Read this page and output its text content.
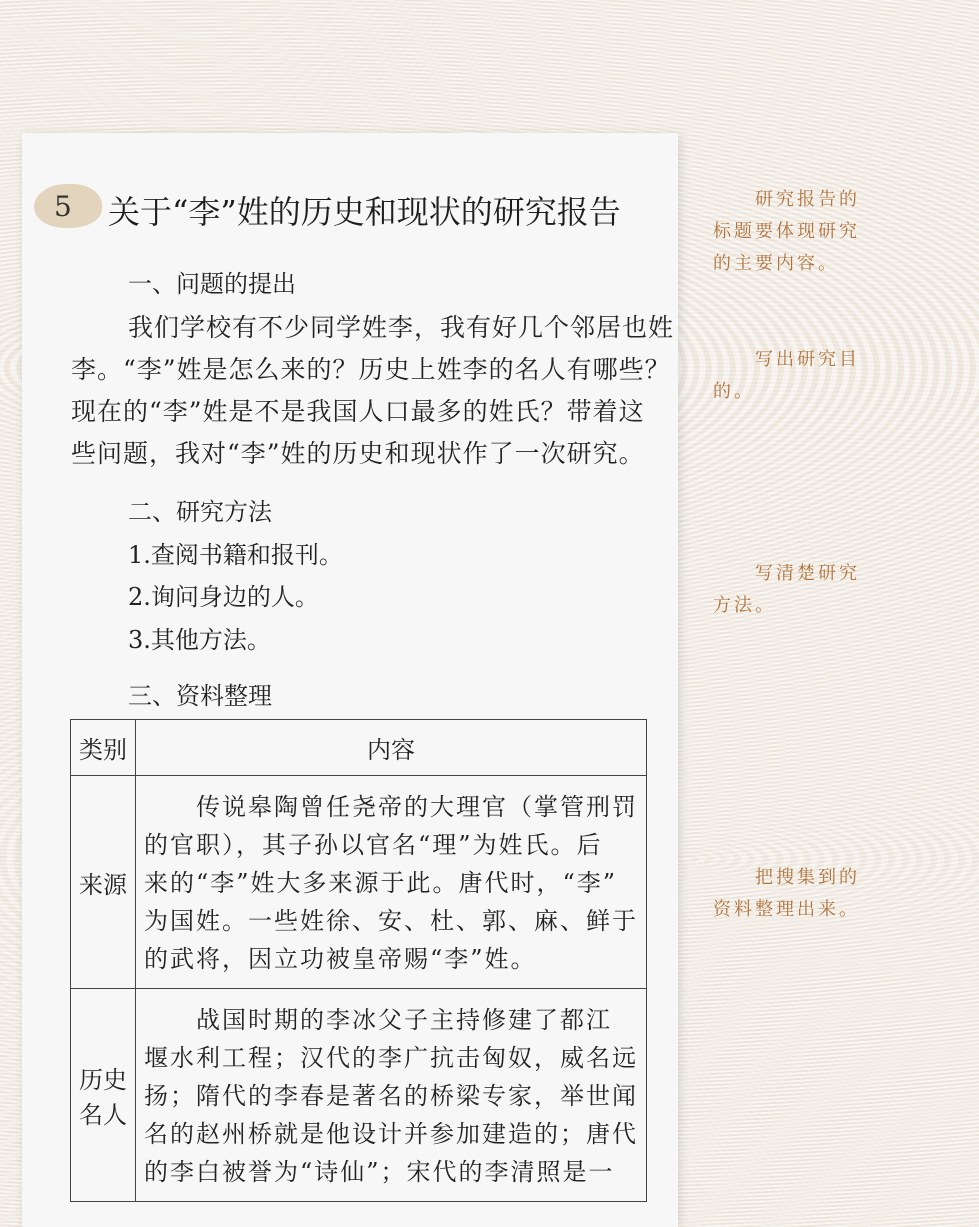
5 关于“李”姓的历史和现状的研究报告
一、问题的提出
我们学校有不少同学姓李，我有好几个邻居也姓
李。“李”姓是怎么来的？历史上姓李的名人有哪些？
现在的“李”姓是不是我国人口最多的姓氏？带着这
些问题，我对“李”姓的历史和现状作了一次研究。
二、研究方法
1.查阅书籍和报刊。
2.询问身边的人。
3.其他方法。
三、资料整理
类别	内容

来源	　　传说皋陶曾任尧帝的大理官（掌管刑罚
的官职），其子孙以官名“理”为姓氏。后
来的“李”姓大多来源于此。唐代时，“李”
为国姓。一些姓徐、安、杜、郭、麻、鲜于
的武将，因立功被皇帝赐“李”姓。

历史
名人	　　战国时期的李冰父子主持修建了都江
堰水利工程；汉代的李广抗击匈奴，威名远
扬；隋代的李春是著名的桥梁专家，举世闻
名的赵州桥就是他设计并参加建造的；唐代
的李白被誉为“诗仙”；宋代的李清照是一
　　研究报告的
标题要体现研究
的主要内容。
　　写出研究目
的。
　　写清楚研究
方法。
　　把搜集到的
资料整理出来。
